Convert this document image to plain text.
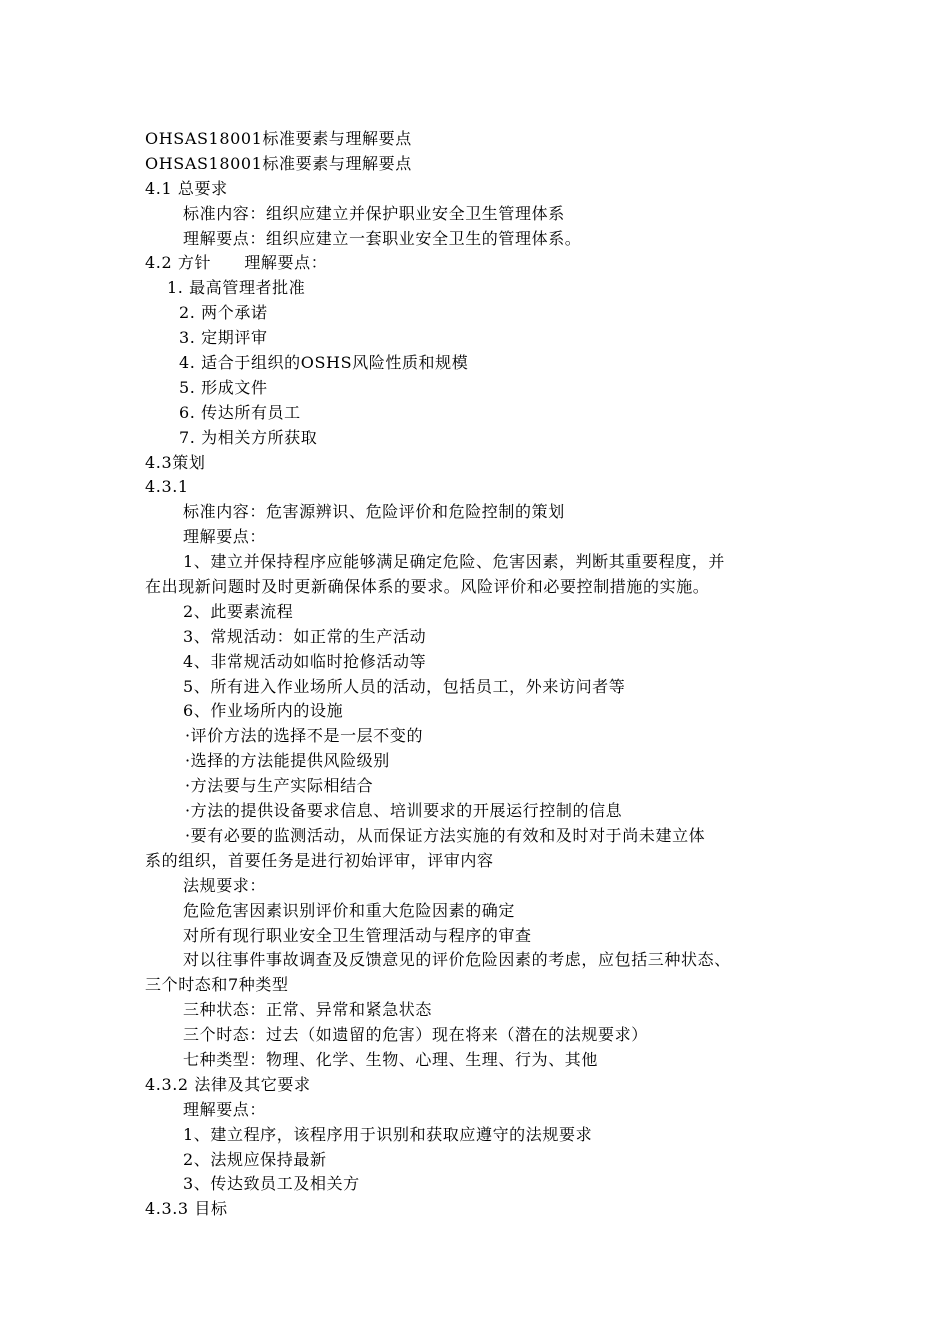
OHSAS18001标准要素与理解要点
OHSAS18001标准要素与理解要点
4.1 总要求
标准内容：组织应建立并保护职业安全卫生管理体系
理解要点：组织应建立一套职业安全卫生的管理体系。
4.2 方针　　理解要点：
1. 最高管理者批准
2. 两个承诺
3. 定期评审
4. 适合于组织的OSHS风险性质和规模
5. 形成文件
6. 传达所有员工
7. 为相关方所获取
4.3策划
4.3.1
标准内容：危害源辨识、危险评价和危险控制的策划
理解要点：
1、建立并保持程序应能够满足确定危险、危害因素，判断其重要程度，并
在出现新问题时及时更新确保体系的要求。风险评价和必要控制措施的实施。
2、此要素流程
3、常规活动：如正常的生产活动
4、非常规活动如临时抢修活动等
5、所有进入作业场所人员的活动，包括员工，外来访问者等
6、作业场所内的设施
·评价方法的选择不是一层不变的
·选择的方法能提供风险级别
·方法要与生产实际相结合
·方法的提供设备要求信息、培训要求的开展运行控制的信息
·要有必要的监测活动，从而保证方法实施的有效和及时对于尚未建立体
系的组织，首要任务是进行初始评审，评审内容
法规要求：
危险危害因素识别评价和重大危险因素的确定
对所有现行职业安全卫生管理活动与程序的审查
对以往事件事故调查及反馈意见的评价危险因素的考虑，应包括三种状态、
三个时态和7种类型
三种状态：正常、异常和紧急状态
三个时态：过去（如遗留的危害）现在将来（潜在的法规要求）
七种类型：物理、化学、生物、心理、生理、行为、其他
4.3.2 法律及其它要求
理解要点：
1、建立程序，该程序用于识别和获取应遵守的法规要求
2、法规应保持最新
3、传达致员工及相关方
4.3.3 目标
